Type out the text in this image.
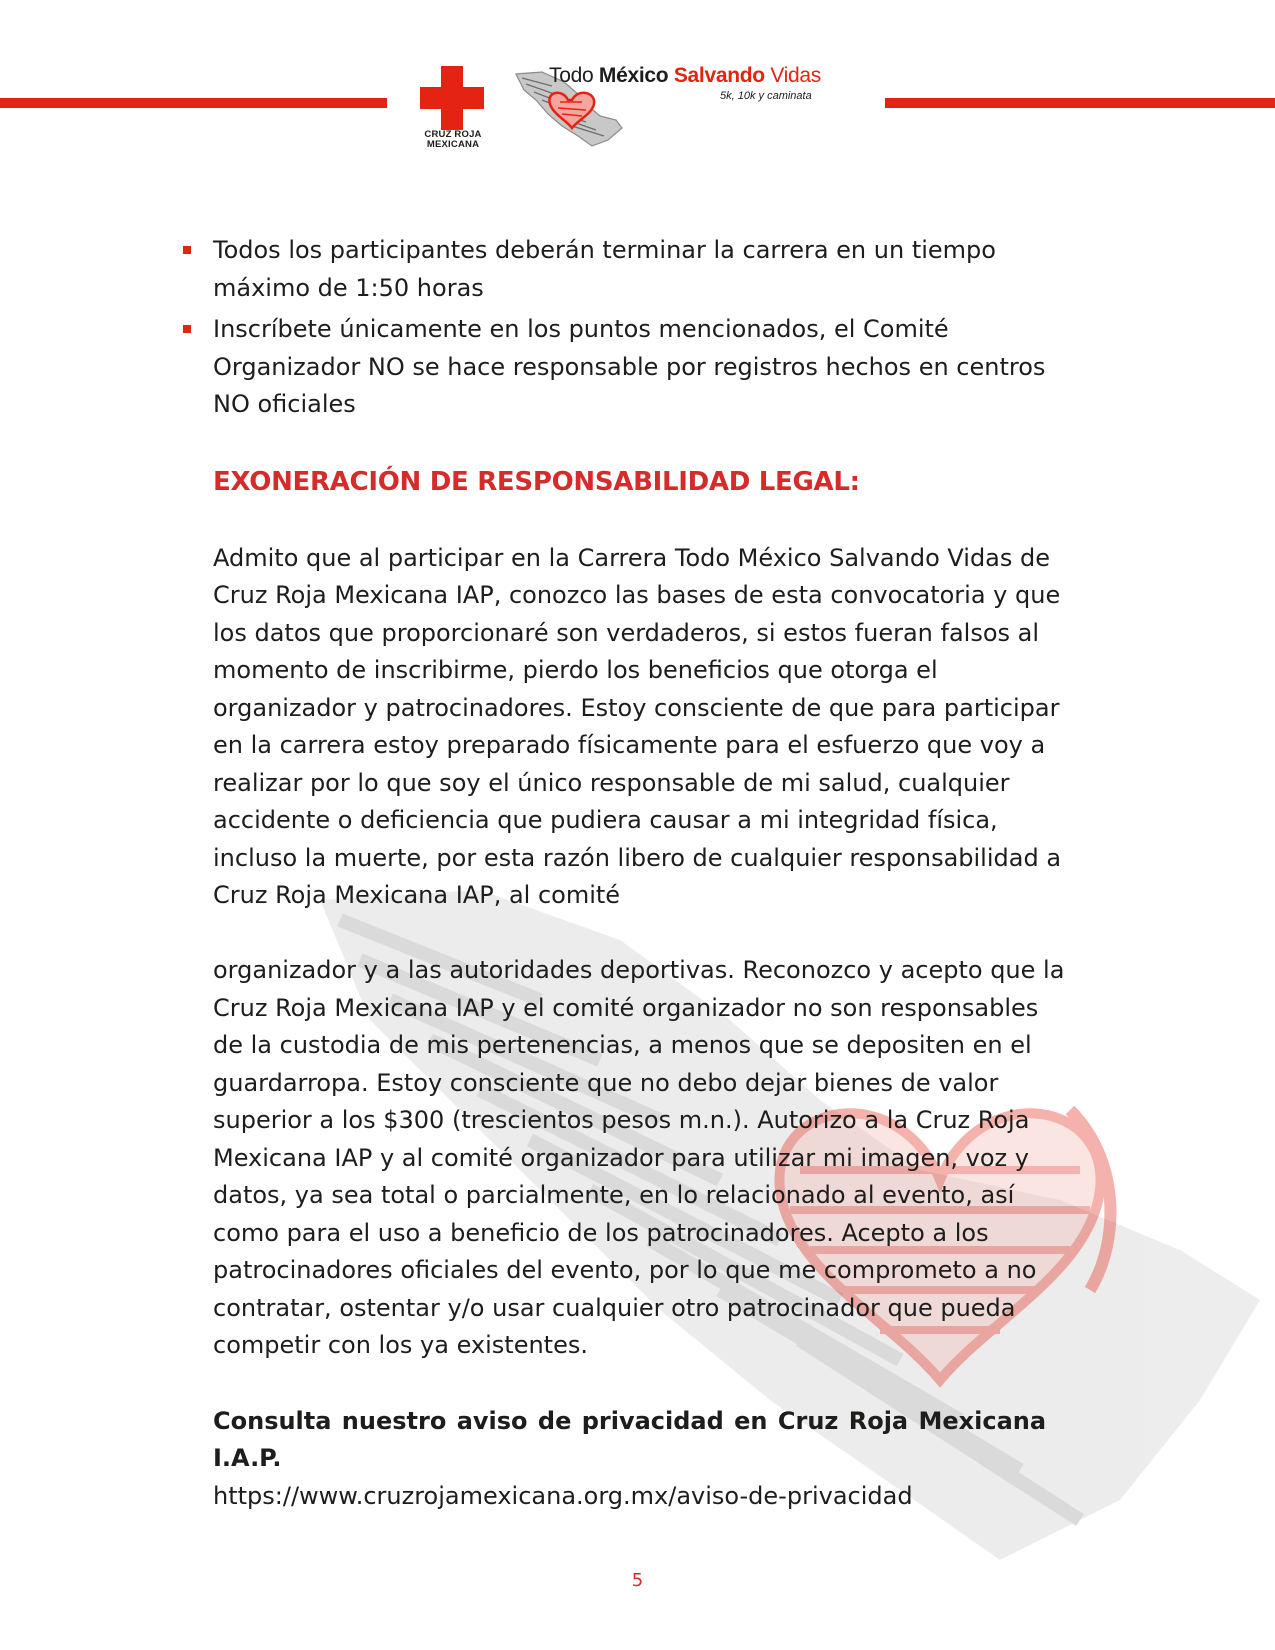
CRUZ ROJA
MEXICANA
Todo México Salvando Vidas
5k, 10k y caminata
Todos los participantes deberán terminar la carrera en un tiempo máximo de 1:50 horas
Inscríbete únicamente en los puntos mencionados, el Comité Organizador NO se hace responsable por registros hechos en centros NO oficiales
EXONERACIÓN DE RESPONSABILIDAD LEGAL:

Admito que al participar en la Carrera Todo México Salvando Vidas de Cruz Roja Mexicana IAP, conozco las bases de esta convocatoria y que los datos que proporcionaré son verdaderos, si estos fueran falsos al momento de inscribirme, pierdo los beneficios que otorga el organizador y patrocinadores. Estoy consciente de que para participar en la carrera estoy preparado físicamente para el esfuerzo que voy a realizar por lo que soy el único responsable de mi salud, cualquier accidente o deficiencia que pudiera causar a mi integridad física, incluso la muerte, por esta razón libero de cualquier responsabilidad a Cruz Roja Mexicana IAP, al comité

organizador y a las autoridades deportivas. Reconozco y acepto que la Cruz Roja Mexicana IAP y el comité organizador no son responsables de la custodia de mis pertenencias, a menos que se depositen en el guardarropa. Estoy consciente que no debo dejar bienes de valor superior a los $300 (trescientos pesos m.n.). Autorizo a la Cruz Roja Mexicana IAP y al comité organizador para utilizar mi imagen, voz y datos, ya sea total o parcialmente, en lo relacionado al evento, así como para el uso a beneficio de los patrocinadores. Acepto a los patrocinadores oficiales del evento, por lo que me comprometo a no contratar, ostentar y/o usar cualquier otro patrocinador que pueda competir con los ya existentes.

Consulta nuestro aviso de privacidad en Cruz Roja Mexicana I.A.P.
https://www.cruzrojamexicana.org.mx/aviso-de-privacidad
5
